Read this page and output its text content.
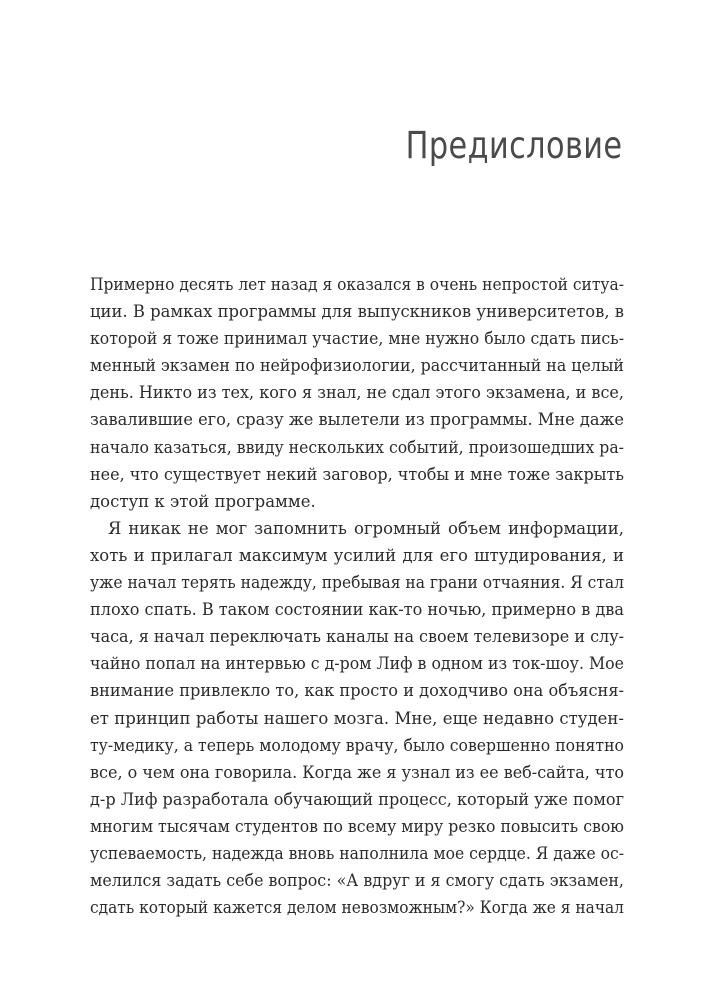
Предисловие
Примерно десять лет назад я оказался в очень непростой ситуа-
ции. В рамках программы для выпускников университетов, в
которой я тоже принимал участие, мне нужно было сдать пись-
менный экзамен по нейрофизиологии, рассчитанный на целый
день. Никто из тех, кого я знал, не сдал этого экзамена, и все,
завалившие его, сразу же вылетели из программы. Мне даже
начало казаться, ввиду нескольких событий, произошедших ра-
нее, что существует некий заговор, чтобы и мне тоже закрыть
доступ к этой программе.
Я никак не мог запомнить огромный объем информации,
хоть и прилагал максимум усилий для его штудирования, и
уже начал терять надежду, пребывая на грани отчаяния. Я стал
плохо спать. В таком состоянии как-то ночью, примерно в два
часа, я начал переключать каналы на своем телевизоре и слу-
чайно попал на интервью с д-ром Лиф в одном из ток-шоу. Мое
внимание привлекло то, как просто и доходчиво она объясня-
ет принцип работы нашего мозга. Мне, еще недавно студен-
ту-медику, а теперь молодому врачу, было совершенно понятно
все, о чем она говорила. Когда же я узнал из ее веб-сайта, что
д-р Лиф разработала обучающий процесс, который уже помог
многим тысячам студентов по всему миру резко повысить свою
успеваемость, надежда вновь наполнила мое сердце. Я даже ос-
мелился задать себе вопрос: «А вдруг и я смогу сдать экзамен,
сдать который кажется делом невозможным?» Когда же я начал
